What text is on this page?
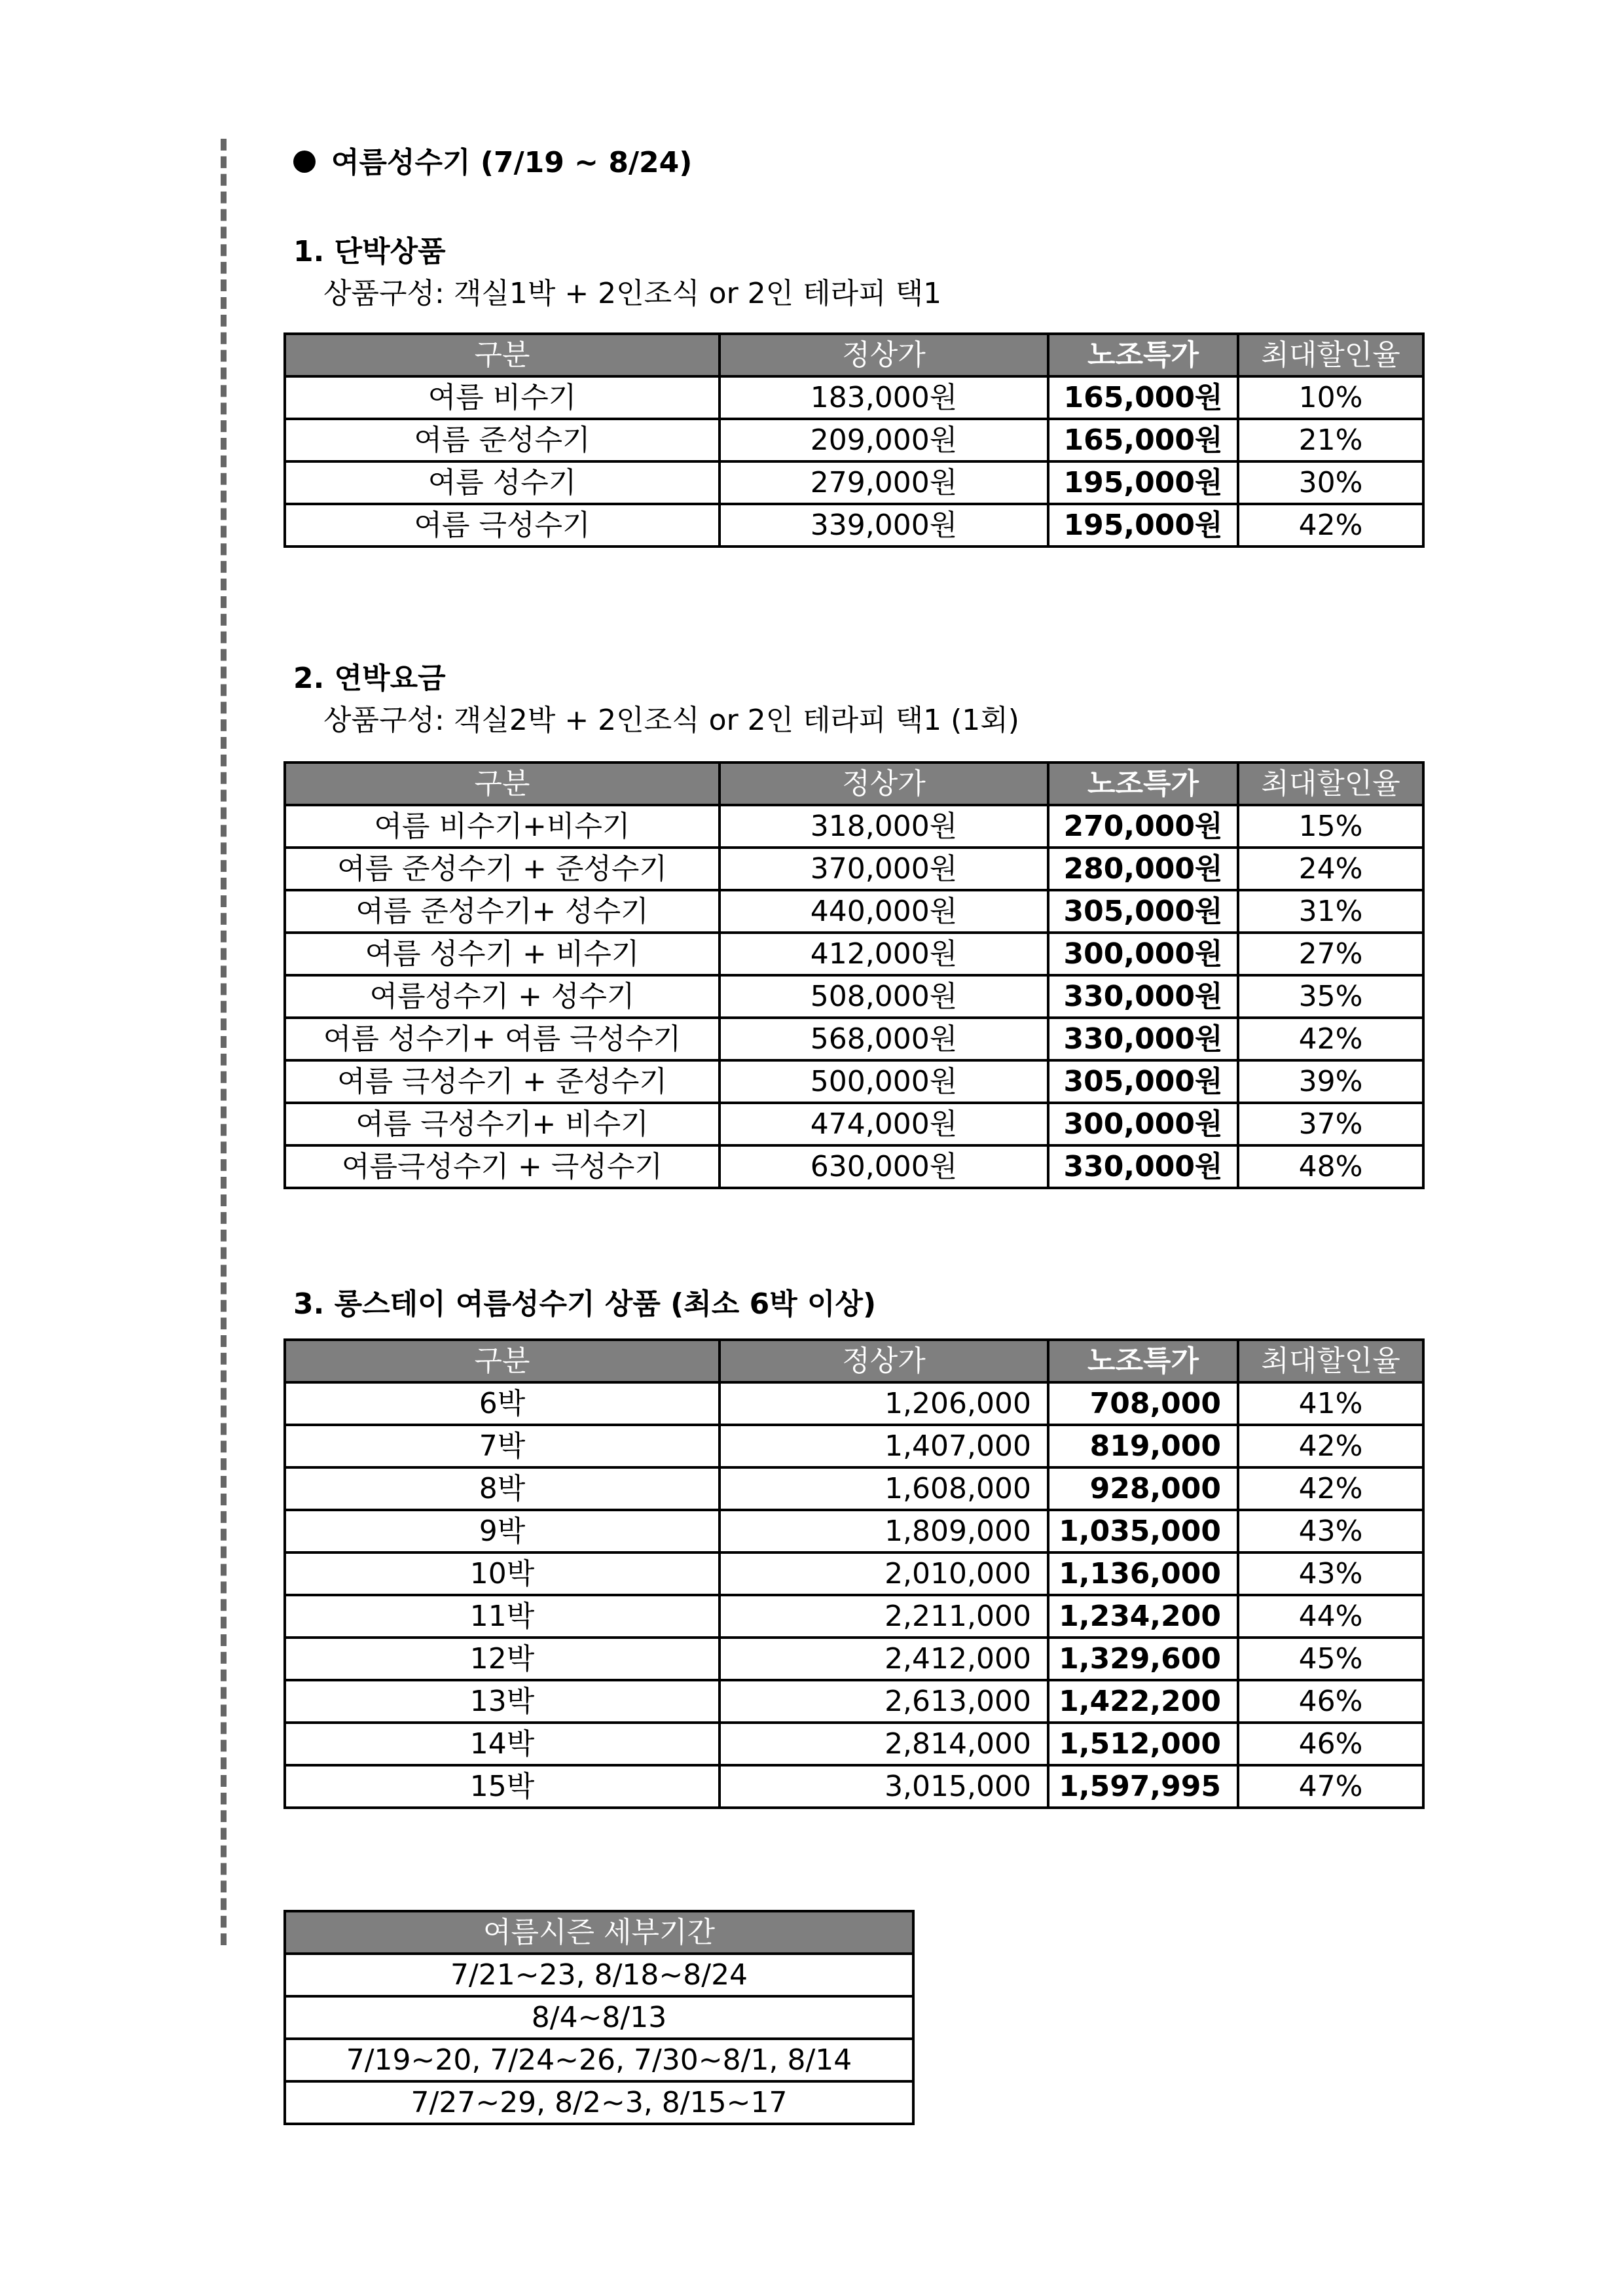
여름성수기 (7/19 ~ 8/24)
1. 단박상품
상품구성: 객실1박 + 2인조식 or 2인 테라피 택1
구분	정상가	노조특가	최대할인율
여름 비수기	183,000원	165,000원	10%
여름 준성수기	209,000원	165,000원	21%
여름 성수기	279,000원	195,000원	30%
여름 극성수기	339,000원	195,000원	42%
2. 연박요금
상품구성: 객실2박 + 2인조식 or 2인 테라피 택1 (1회)
구분	정상가	노조특가	최대할인율
여름 비수기+비수기	318,000원	270,000원	15%
여름 준성수기 + 준성수기	370,000원	280,000원	24%
여름 준성수기+ 성수기	440,000원	305,000원	31%
여름 성수기 + 비수기	412,000원	300,000원	27%
여름성수기 + 성수기	508,000원	330,000원	35%
여름 성수기+ 여름 극성수기	568,000원	330,000원	42%
여름 극성수기 + 준성수기	500,000원	305,000원	39%
여름 극성수기+ 비수기	474,000원	300,000원	37%
여름극성수기 + 극성수기	630,000원	330,000원	48%
3. 롱스테이 여름성수기 상품 (최소 6박 이상)
구분	정상가	노조특가	최대할인율
6박	1,206,000	708,000	41%
7박	1,407,000	819,000	42%
8박	1,608,000	928,000	42%
9박	1,809,000	1,035,000	43%
10박	2,010,000	1,136,000	43%
11박	2,211,000	1,234,200	44%
12박	2,412,000	1,329,600	45%
13박	2,613,000	1,422,200	46%
14박	2,814,000	1,512,000	46%
15박	3,015,000	1,597,995	47%
여름시즌 세부기간
7/21~23, 8/18~8/24
8/4~8/13
7/19~20, 7/24~26, 7/30~8/1, 8/14
7/27~29, 8/2~3, 8/15~17
